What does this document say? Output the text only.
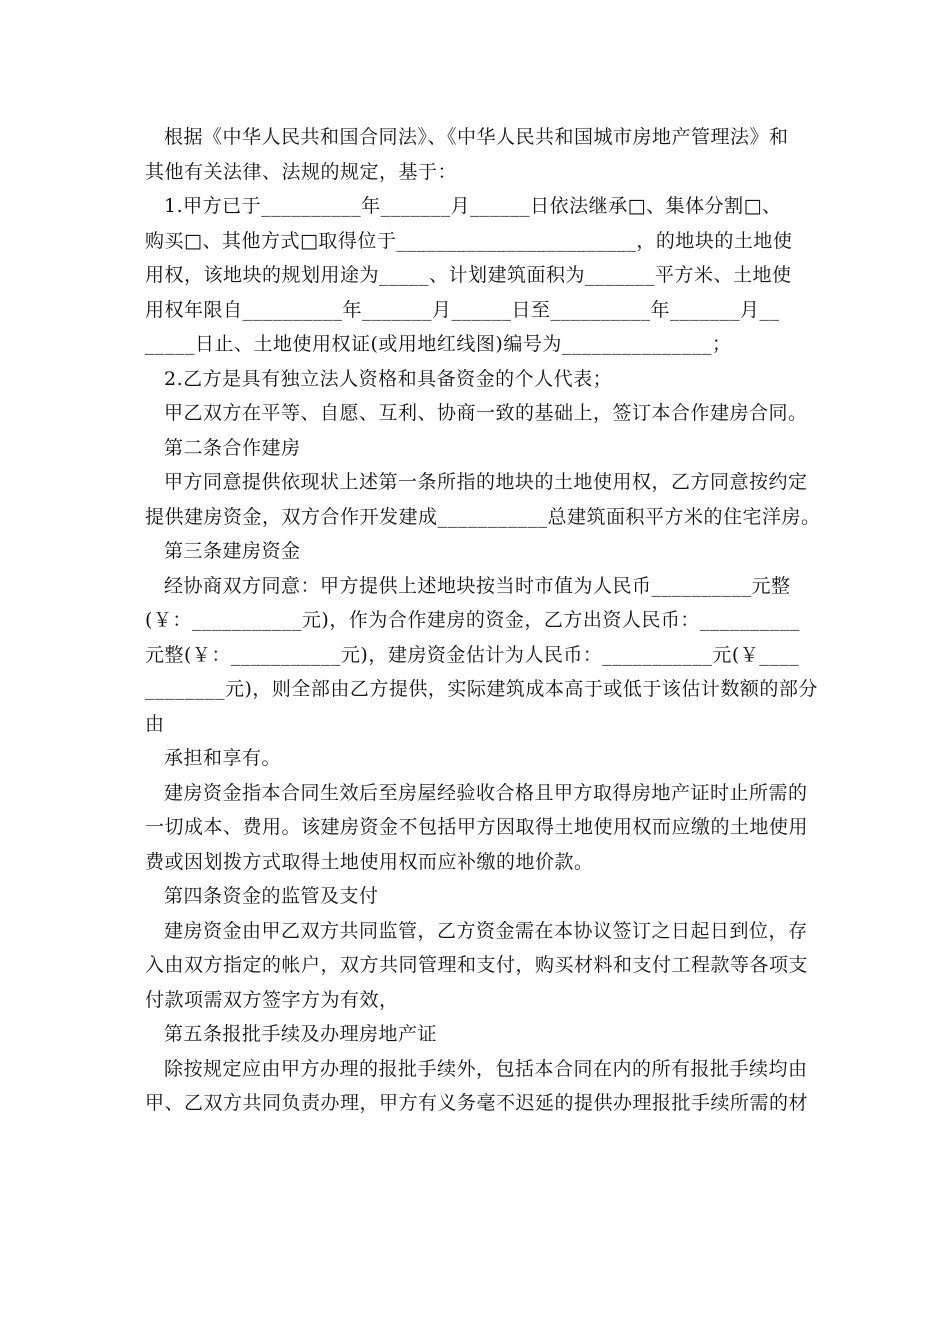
根据《中华人民共和国合同法》、《中华人民共和国城市房地产管理法》和
其他有关法律、法规的规定，基于：
1.甲方已于__________年_______月______日依法继承□、集体分割□、
购买□、其他方式□取得位于________________________，的地块的土地使
用权，该地块的规划用途为_____、计划建筑面积为_______平方米、土地使
用权年限自__________年_______月______日至__________年_______月__
_____日止、土地使用权证(或用地红线图)编号为_______________；
2.乙方是具有独立法人资格和具备资金的个人代表；
甲乙双方在平等、自愿、互利、协商一致的基础上，签订本合作建房合同。
第二条合作建房
甲方同意提供依现状上述第一条所指的地块的土地使用权，乙方同意按约定
提供建房资金，双方合作开发建成___________总建筑面积平方米的住宅洋房。
第三条建房资金
经协商双方同意：甲方提供上述地块按当时市值为人民币__________元整
(￥：___________元)，作为合作建房的资金，乙方出资人民币：__________
元整(￥：___________元)，建房资金估计为人民币：___________元(￥____
________元)，则全部由乙方提供，实际建筑成本高于或低于该估计数额的部分
由
承担和享有。
建房资金指本合同生效后至房屋经验收合格且甲方取得房地产证时止所需的
一切成本、费用。该建房资金不包括甲方因取得土地使用权而应缴的土地使用
费或因划拨方式取得土地使用权而应补缴的地价款。
第四条资金的监管及支付
建房资金由甲乙双方共同监管，乙方资金需在本协议签订之日起日到位，存
入由双方指定的帐户，双方共同管理和支付，购买材料和支付工程款等各项支
付款项需双方签字方为有效，
第五条报批手续及办理房地产证
除按规定应由甲方办理的报批手续外，包括本合同在内的所有报批手续均由
甲、乙双方共同负责办理，甲方有义务毫不迟延的提供办理报批手续所需的材
